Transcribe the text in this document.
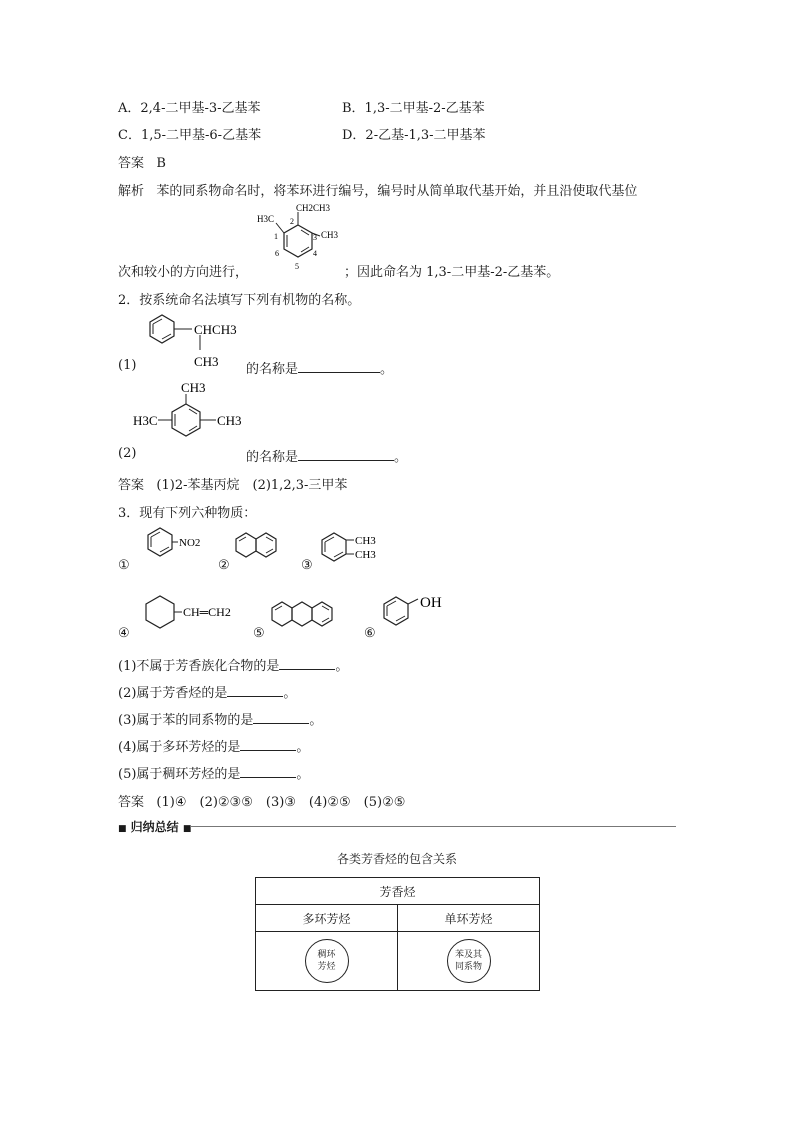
A．2,4-二甲基-3-乙基苯	B．1,3-二甲基-2-乙基苯
C．1,5-二甲基-6-乙基苯	D．2-乙基-1,3-二甲基苯
答案 B
解析 苯的同系物命名时，将苯环进行编号，编号时从简单取代基开始，并且沿使取代基位
CH2CH3
H3C
CH3
1
2
3
4
5
6
次和较小的方向进行，	；因此命名为 1,3-二甲基-2-乙基苯。
2．按系统命名法填写下列有机物的名称。
CHCH3
CH3
(1)	的名称是	。
CH3
H3C	CH3
(2)	的名称是	。
答案 (1)2-苯基丙烷　(2)1,2,3-三甲苯
3．现有下列六种物质：
NO2
①	②
CH3
CH3
③
CH═CH2
④	⑤
OH
⑥
(1)不属于芳香族化合物的是	。
(2)属于芳香烃的是	。
(3)属于苯的同系物的是	。
(4)属于多环芳烃的是	。
(5)属于稠环芳烃的是	。
答案 (1)④　(2)②③⑤　(3)③　(4)②⑤　(5)②⑤
■ 归纳总结 ■
各类芳香烃的包含关系
芳香烃	
多环芳烃	单环芳烃

稠环芳烃	苯及其同系物
